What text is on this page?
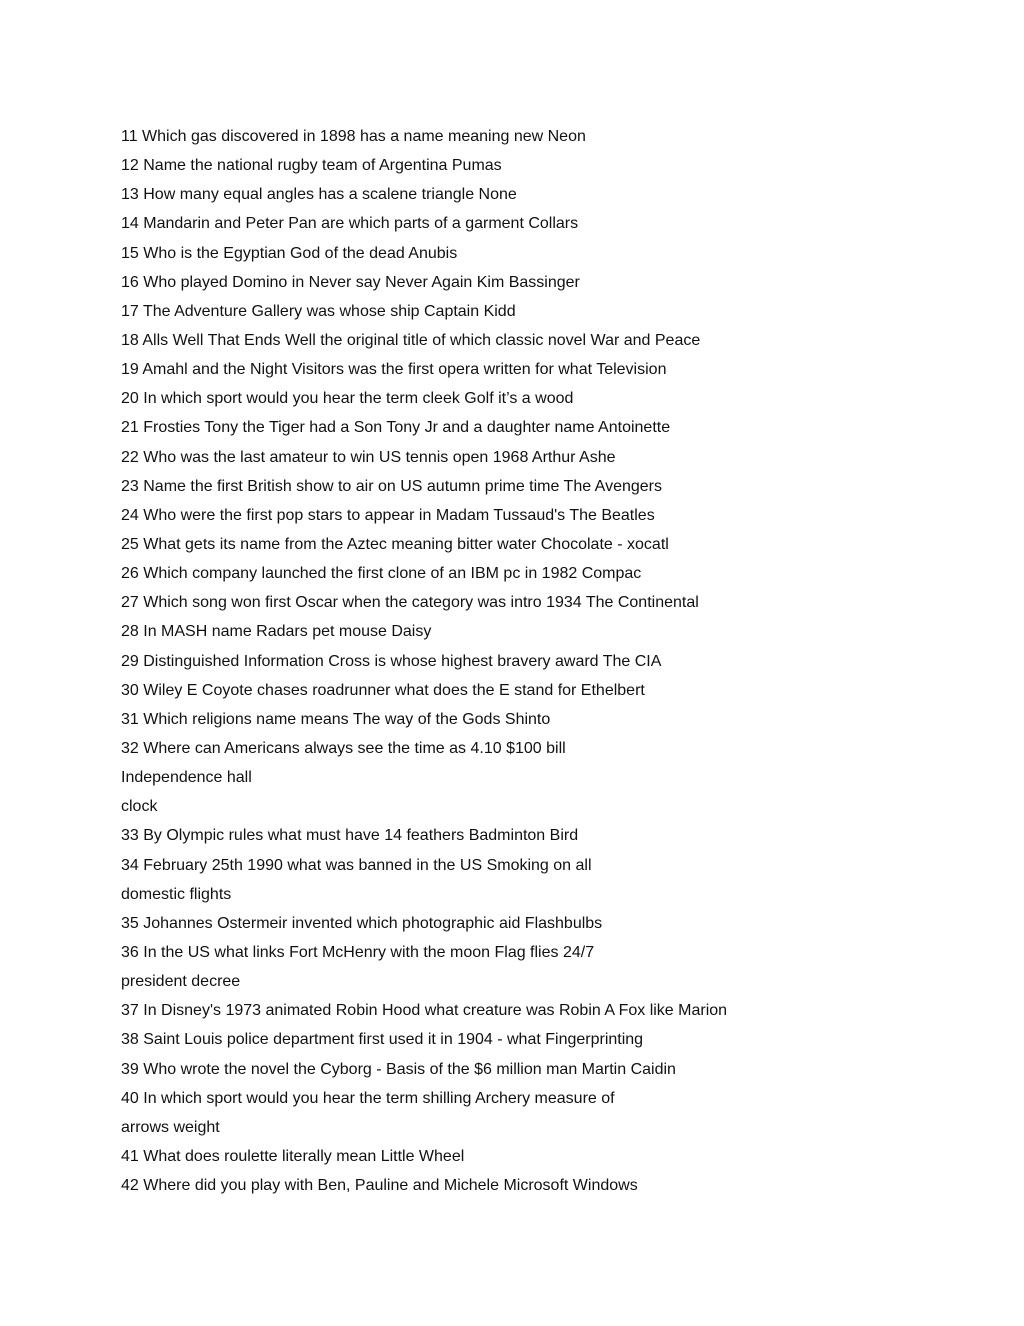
11 Which gas discovered in 1898 has a name meaning new Neon
12 Name the national rugby team of Argentina Pumas
13 How many equal angles has a scalene triangle None
14 Mandarin and Peter Pan are which parts of a garment Collars
15 Who is the Egyptian God of the dead Anubis
16 Who played Domino in Never say Never Again Kim Bassinger
17 The Adventure Gallery was whose ship Captain Kidd
18 Alls Well That Ends Well the original title of which classic novel War and Peace
19 Amahl and the Night Visitors was the first opera written for what Television
20 In which sport would you hear the term cleek Golf it’s a wood
21 Frosties Tony the Tiger had a Son Tony Jr and a daughter name Antoinette
22 Who was the last amateur to win US tennis open 1968 Arthur Ashe
23 Name the first British show to air on US autumn prime time The Avengers
24 Who were the first pop stars to appear in Madam Tussaud's The Beatles
25 What gets its name from the Aztec meaning bitter water Chocolate - xocatl
26 Which company launched the first clone of an IBM pc in 1982 Compac
27 Which song won first Oscar when the category was intro 1934 The Continental
28 In MASH name Radars pet mouse Daisy
29 Distinguished Information Cross is whose highest bravery award The CIA
30 Wiley E Coyote chases roadrunner what does the E stand for Ethelbert
31 Which religions name means The way of the Gods Shinto
32 Where can Americans always see the time as 4.10 $100 bill
Independence hall
clock
33 By Olympic rules what must have 14 feathers Badminton Bird
34 February 25th 1990 what was banned in the US Smoking on all
domestic flights
35 Johannes Ostermeir invented which photographic aid Flashbulbs
36 In the US what links Fort McHenry with the moon Flag flies 24/7
president decree
37 In Disney's 1973 animated Robin Hood what creature was Robin A Fox like Marion
38 Saint Louis police department first used it in 1904 - what Fingerprinting
39 Who wrote the novel the Cyborg - Basis of the $6 million man Martin Caidin
40 In which sport would you hear the term shilling Archery measure of
arrows weight
41 What does roulette literally mean Little Wheel
42 Where did you play with Ben, Pauline and Michele Microsoft Windows
